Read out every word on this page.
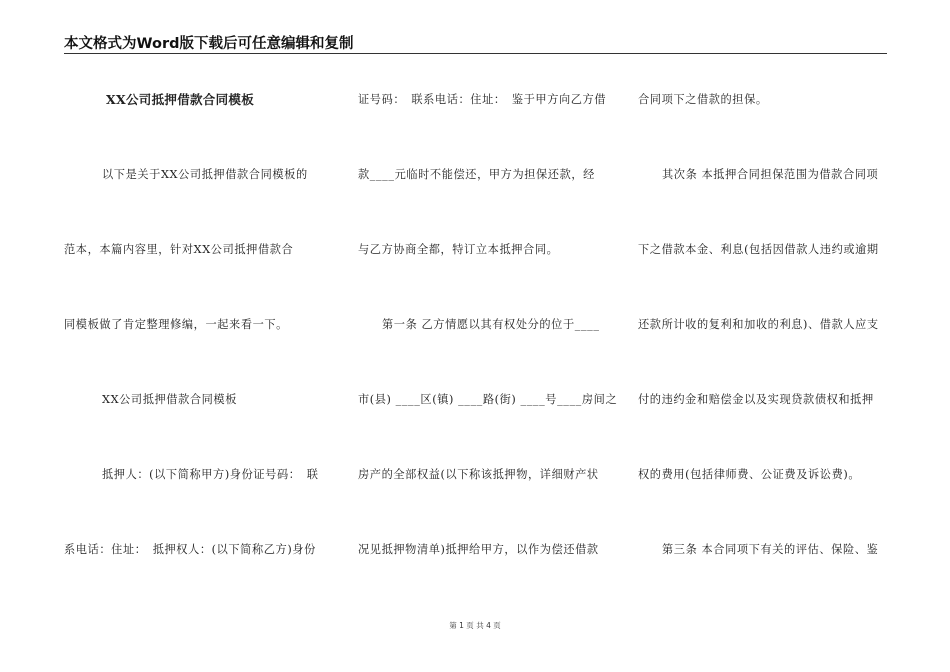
本文格式为Word版下载后可任意编辑和复制
XX公司抵押借款合同模板
以下是关于XX公司抵押借款合同模板的
范本，本篇内容里，针对XX公司抵押借款合
同模板做了肯定整理修编，一起来看一下。
XX公司抵押借款合同模板
抵押人：(以下简称甲方)身份证号码：　联
系电话：住址：　抵押权人：(以下简称乙方)身份
证号码：　联系电话：住址：　鉴于甲方向乙方借
款____元临时不能偿还，甲方为担保还款，经
与乙方协商全都，特订立本抵押合同。
第一条 乙方情愿以其有权处分的位于____
市(县) ____区(镇) ____路(街) ____号____房间之
房产的全部权益(以下称该抵押物，详细财产状
况见抵押物清单)抵押给甲方，以作为偿还借款
合同项下之借款的担保。
其次条 本抵押合同担保范围为借款合同项
下之借款本金、利息(包括因借款人违约或逾期
还款所计收的复利和加收的利息)、借款人应支
付的违约金和赔偿金以及实现贷款债权和抵押
权的费用(包括律师费、公证费及诉讼费)。
第三条 本合同项下有关的评估、保险、鉴
第 1 页 共 4 页
